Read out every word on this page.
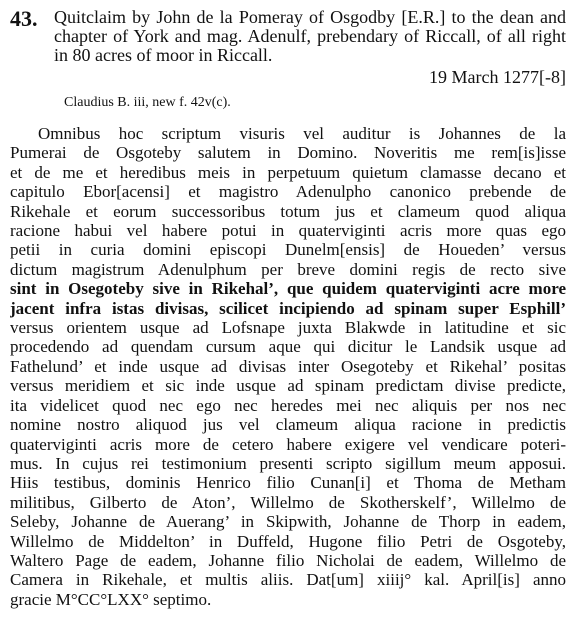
43. Quitclaim by John de la Pomeray of Osgodby [E.R.] to the dean and chapter of York and mag. Adenulf, prebendary of Riccall, of all right in 80 acres of moor in Riccall.
19 March 1277[-8]
Claudius B. iii, new f. 42v(c).
Omnibus hoc scriptum visuris vel auditur is Johannes de la
Pumerai de Osgoteby salutem in Domino. Noveritis me rem[is]isse
et de me et heredibus meis in perpetuum quietum clamasse decano et
capitulo Ebor[acensi] et magistro Adenulpho canonico prebende de
Rikehale et eorum successoribus totum jus et clameum quod aliqua
racione habui vel habere potui in quaterviginti acris more quas ego
petii in curia domini episcopi Dunelm[ensis] de Houeden’ versus
dictum magistrum Adenulphum per breve domini regis de recto sive
sint in Osegoteby sive in Rikehal’, que quidem quaterviginti acre more
jacent infra istas divisas, scilicet incipiendo ad spinam super Esphill’
versus orientem usque ad Lofsnape juxta Blakwde in latitudine et sic
procedendo ad quendam cursum aque qui dicitur le Landsik usque ad
Fathelund’ et inde usque ad divisas inter Osegoteby et Rikehal’ positas
versus meridiem et sic inde usque ad spinam predictam divise predicte,
ita videlicet quod nec ego nec heredes mei nec aliquis per nos nec
nomine nostro aliquod jus vel clameum aliqua racione in predictis
quaterviginti acris more de cetero habere exigere vel vendicare poteri-
mus. In cujus rei testimonium presenti scripto sigillum meum apposui.
Hiis testibus, dominis Henrico filio Cunan[i] et Thoma de Metham
militibus, Gilberto de Aton’, Willelmo de Skotherskelf’, Willelmo de
Seleby, Johanne de Auerang’ in Skipwith, Johanne de Thorp in eadem,
Willelmo de Middelton’ in Duffeld, Hugone filio Petri de Osgoteby,
Waltero Page de eadem, Johanne filio Nicholai de eadem, Willelmo de
Camera in Rikehale, et multis aliis. Dat[um] xiiij° kal. April[is] anno
gracie M°CC°LXX° septimo.
